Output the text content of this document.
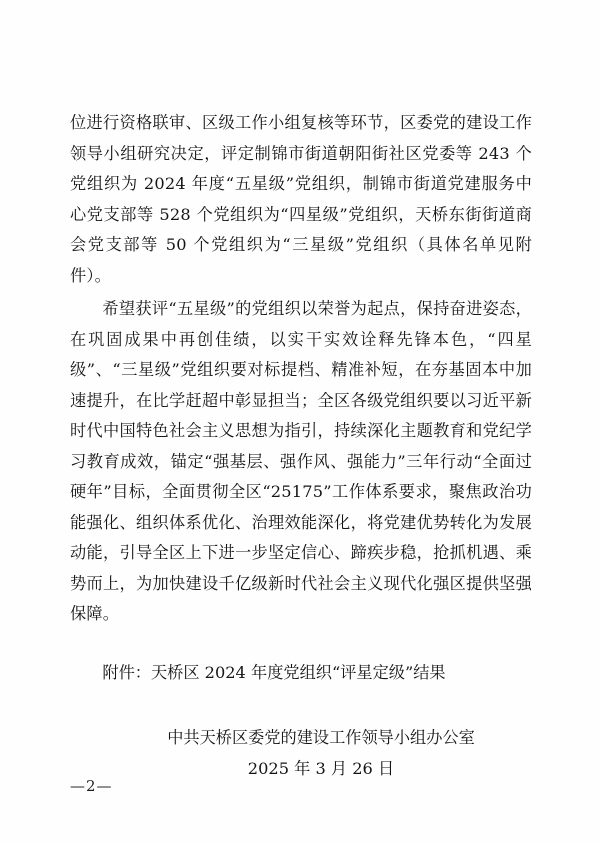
位进行资格联审、区级工作小组复核等环节，区委党的建设工作领导小组研究决定，评定制锦市街道朝阳街社区党委等 243 个党组织为 2024 年度“五星级”党组织，制锦市街道党建服务中心党支部等 528 个党组织为“四星级”党组织，天桥东街街道商会党支部等 50 个党组织为“三星级”党组织（具体名单见附件）。

希望获评“五星级”的党组织以荣誉为起点，保持奋进姿态，在巩固成果中再创佳绩，以实干实效诠释先锋本色，“四星级”、“三星级”党组织要对标提档、精准补短，在夯基固本中加速提升，在比学赶超中彰显担当；全区各级党组织要以习近平新时代中国特色社会主义思想为指引，持续深化主题教育和党纪学习教育成效，锚定“强基层、强作风、强能力”三年行动“全面过硬年”目标，全面贯彻全区“25175”工作体系要求，聚焦政治功能强化、组织体系优化、治理效能深化，将党建优势转化为发展动能，引导全区上下进一步坚定信心、蹄疾步稳，抢抓机遇、乘势而上，为加快建设千亿级新时代社会主义现代化强区提供坚强保障。

附件：天桥区 2024 年度党组织“评星定级”结果
中共天桥区委党的建设工作领导小组办公室
2025 年 3 月 26 日
—2—
